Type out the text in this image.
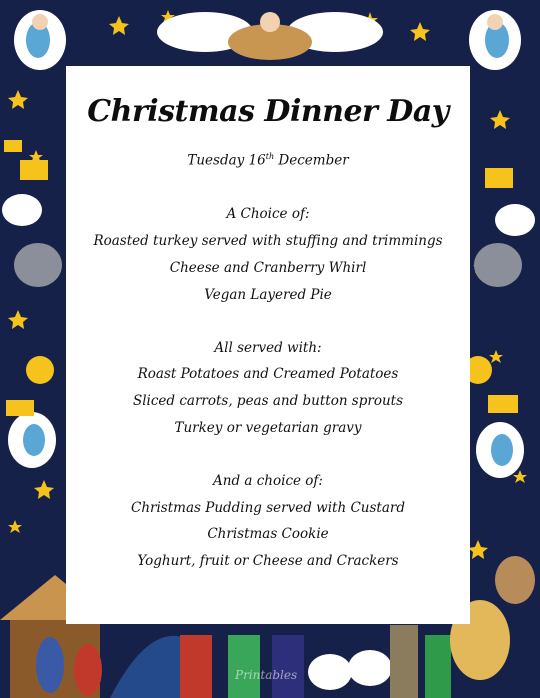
Christmas Dinner Day
Tuesday 16th December
A Choice of:
Roasted turkey served with stuffing and trimmings
Cheese and Cranberry Whirl
Vegan Layered Pie
All served with:
Roast Potatoes and Creamed Potatoes
Sliced carrots, peas and button sprouts
Turkey or vegetarian gravy
And a choice of:
Christmas Pudding served with Custard
Christmas Cookie
Yoghurt, fruit or Cheese and Crackers
Printables
